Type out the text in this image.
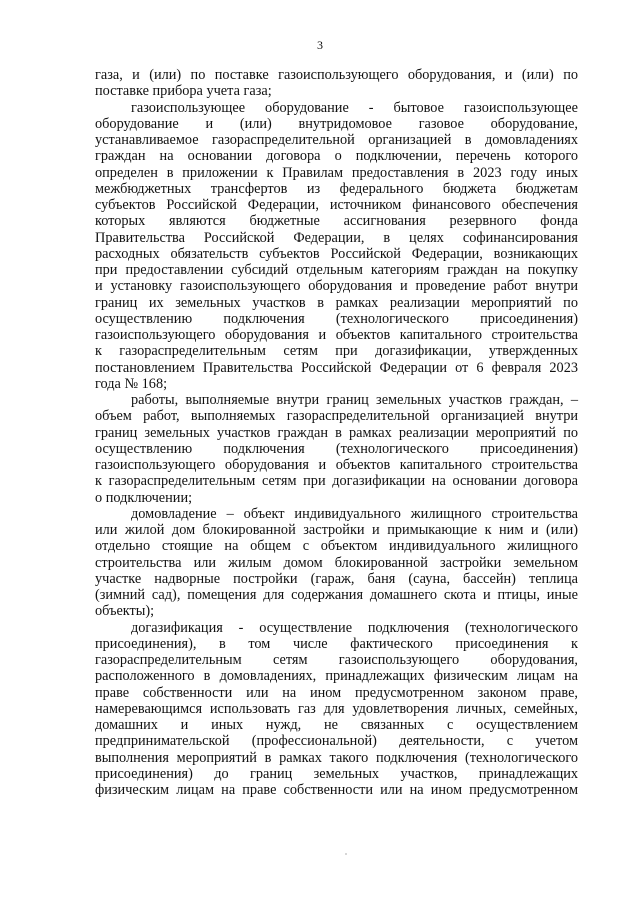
3
газа, и (или) по поставке газоиспользующего оборудования, и (или) по
поставке прибора учета газа;
газоиспользующее оборудование - бытовое газоиспользующее
оборудование и (или) внутридомовое газовое оборудование,
устанавливаемое газораспределительной организацией в домовладениях
граждан на основании договора о подключении, перечень которого
определен в приложении к Правилам предоставления в 2023 году иных
межбюджетных трансфертов из федерального бюджета бюджетам
субъектов Российской Федерации, источником финансового обеспечения
которых являются бюджетные ассигнования резервного фонда
Правительства Российской Федерации, в целях софинансирования
расходных обязательств субъектов Российской Федерации, возникающих
при предоставлении субсидий отдельным категориям граждан на покупку
и установку газоиспользующего оборудования и проведение работ внутри
границ их земельных участков в рамках реализации мероприятий по
осуществлению подключения (технологического присоединения)
газоиспользующего оборудования и объектов капитального строительства
к газораспределительным сетям при догазификации, утвержденных
постановлением Правительства Российской Федерации от 6 февраля 2023
года № 168;
работы, выполняемые внутри границ земельных участков граждан, –
объем работ, выполняемых газораспределительной организацией внутри
границ земельных участков граждан в рамках реализации мероприятий по
осуществлению подключения (технологического присоединения)
газоиспользующего оборудования и объектов капитального строительства
к газораспределительным сетям при догазификации на основании договора
о подключении;
домовладение – объект индивидуального жилищного строительства
или жилой дом блокированной застройки и примыкающие к ним и (или)
отдельно стоящие на общем с объектом индивидуального жилищного
строительства или жилым домом блокированной застройки земельном
участке надворные постройки (гараж, баня (сауна, бассейн) теплица
(зимний сад), помещения для содержания домашнего скота и птицы, иные
объекты);
догазификация - осуществление подключения (технологического
присоединения), в том числе фактического присоединения к
газораспределительным сетям газоиспользующего оборудования,
расположенного в домовладениях, принадлежащих физическим лицам на
праве собственности или на ином предусмотренном законом праве,
намеревающимся использовать газ для удовлетворения личных, семейных,
домашних и иных нужд, не связанных с осуществлением
предпринимательской (профессиональной) деятельности, с учетом
выполнения мероприятий в рамках такого подключения (технологического
присоединения) до границ земельных участков, принадлежащих
физическим лицам на праве собственности или на ином предусмотренном
